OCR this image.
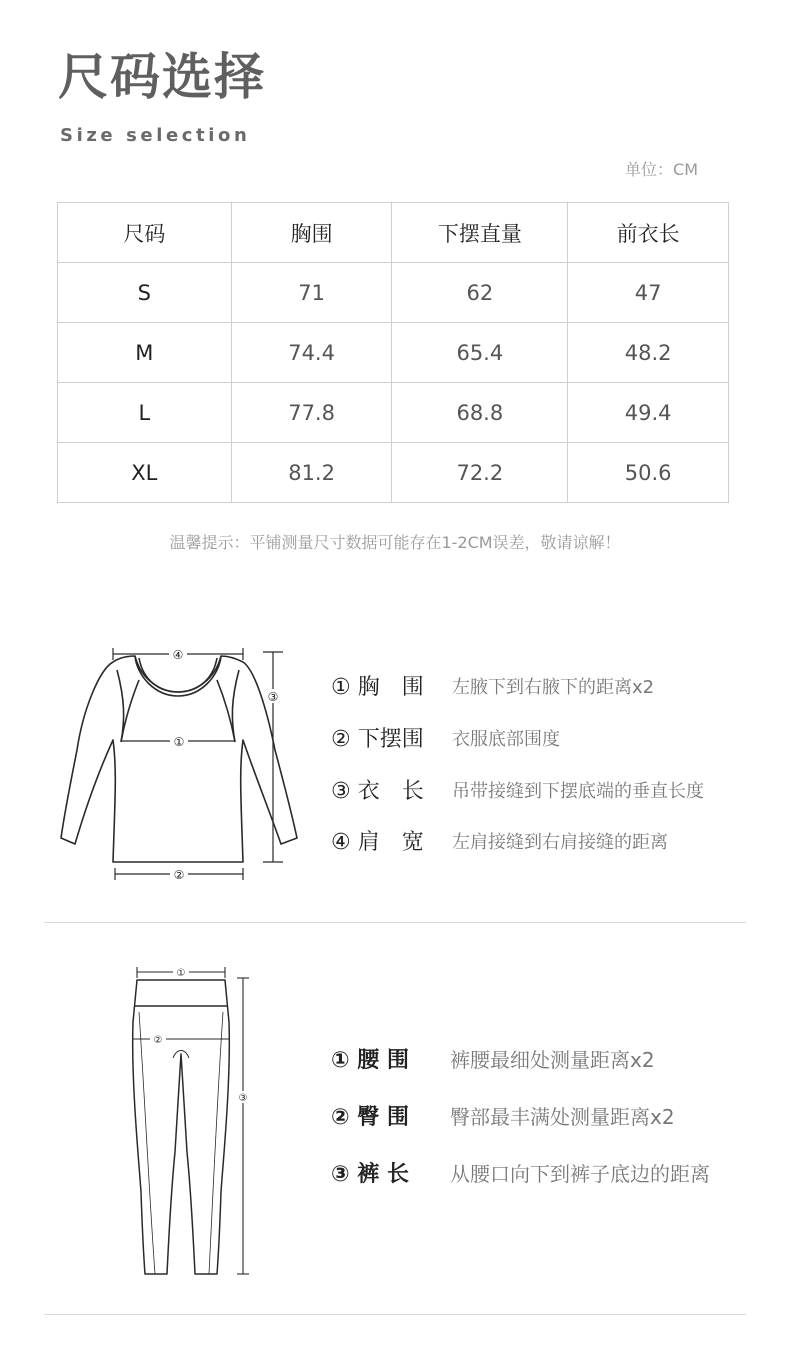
尺码选择
Size selection
单位：CM
尺码	胸围	下摆直量	前衣长
S	71	62	47
M	74.4	65.4	48.2
L	77.8	68.8	49.4
XL	81.2	72.2	50.6
温馨提示：平铺测量尺寸数据可能存在1-2CM误差，敬请谅解！
④
①
②
③ ① 胸　围	左腋下到右腋下的距离x2
② 下摆围	衣服底部围度
③ 衣　长	吊带接缝到下摆底端的垂直长度
④ 肩　宽	左肩接缝到右肩接缝的距离
①
②
③
① 腰 围	裤腰最细处测量距离x2
② 臀 围	臀部最丰满处测量距离x2
③ 裤 长	从腰口向下到裤子底边的距离
